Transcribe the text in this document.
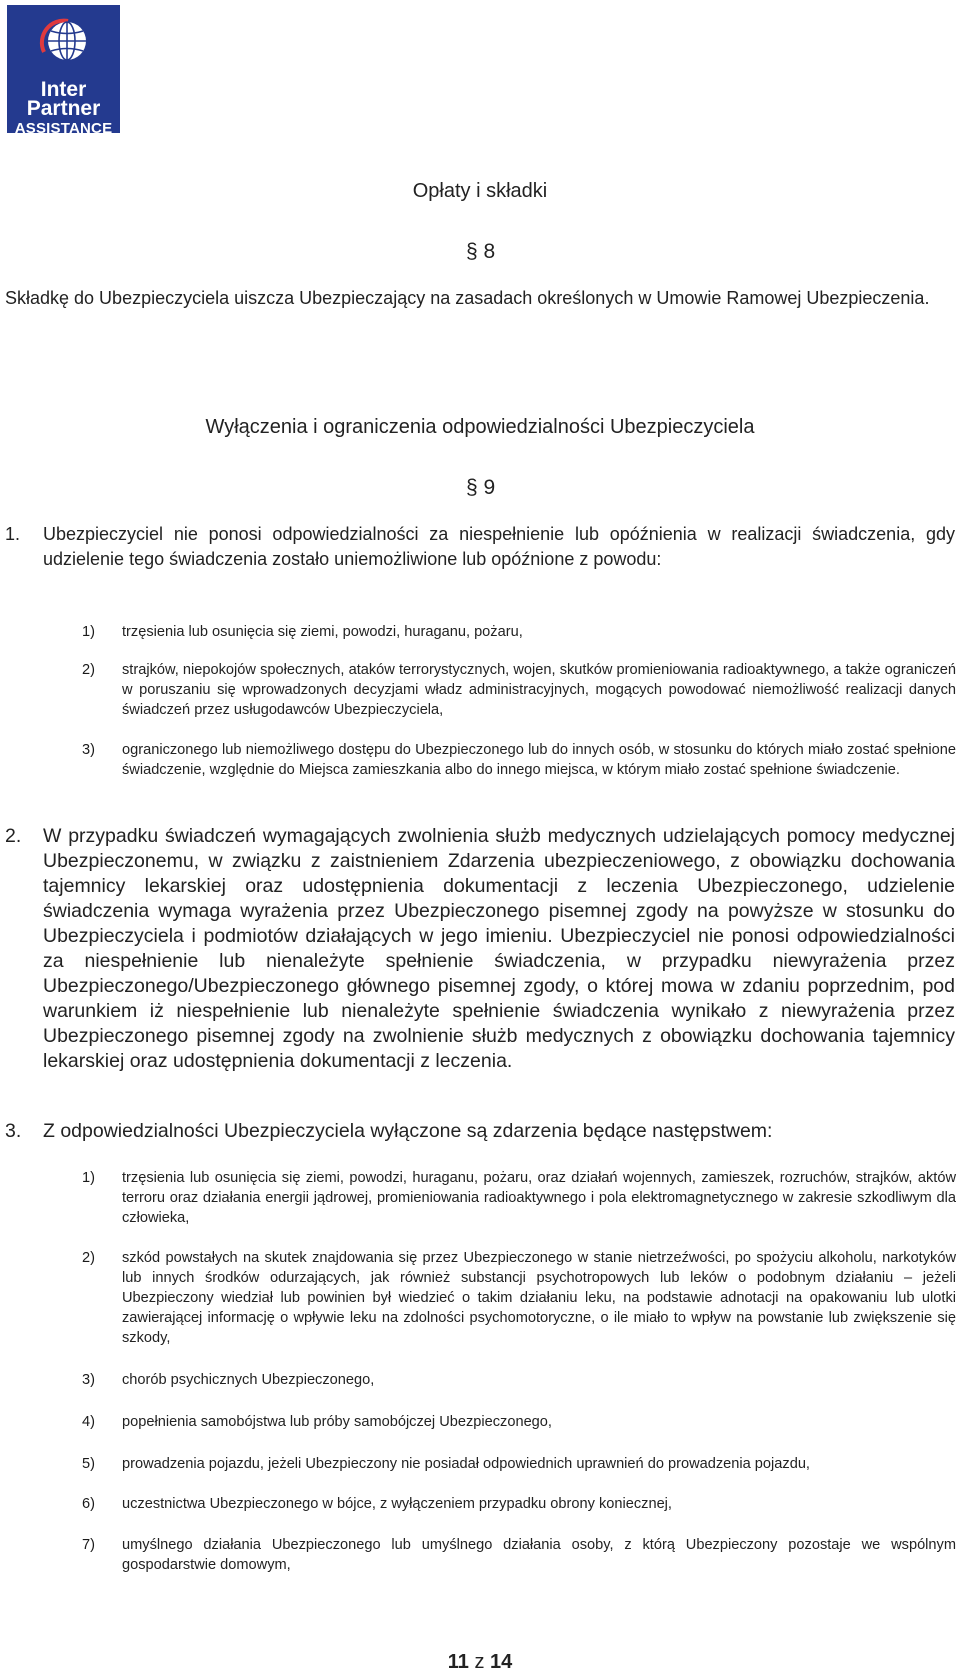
Inter
Partner
ASSISTANCE
Opłaty i składki
§ 8
Składkę do Ubezpieczyciela uiszcza Ubezpieczający na zasadach określonych w Umowie Ramowej Ubezpieczenia.
Wyłączenia i ograniczenia odpowiedzialności Ubezpieczyciela
§ 9
1. Ubezpieczyciel nie ponosi odpowiedzialności za niespełnienie lub opóźnienia w realizacji świadczenia, gdy udzielenie tego świadczenia zostało uniemożliwione lub opóźnione z powodu:
1) trzęsienia lub osunięcia się ziemi, powodzi, huraganu, pożaru,
2) strajków, niepokojów społecznych, ataków terrorystycznych, wojen, skutków promieniowania radioaktywnego, a także ograniczeń w poruszaniu się wprowadzonych decyzjami władz administracyjnych, mogących powodować niemożliwość realizacji danych świadczeń przez usługodawców Ubezpieczyciela,
3) ograniczonego lub niemożliwego dostępu do Ubezpieczonego lub do innych osób, w stosunku do których miało zostać spełnione świadczenie, względnie do Miejsca zamieszkania albo do innego miejsca, w którym miało zostać spełnione świadczenie.
2. W przypadku świadczeń wymagających zwolnienia służb medycznych udzielających pomocy medycznej Ubezpieczonemu, w związku z zaistnieniem Zdarzenia ubezpieczeniowego, z obowiązku dochowania tajemnicy lekarskiej oraz udostępnienia dokumentacji z leczenia Ubezpieczonego, udzielenie świadczenia wymaga wyrażenia przez Ubezpieczonego pisemnej zgody na powyższe w stosunku do Ubezpieczyciela i podmiotów działających w jego imieniu. Ubezpieczyciel nie ponosi odpowiedzialności za niespełnienie lub nienależyte spełnienie świadczenia, w przypadku niewyrażenia przez Ubezpieczonego/Ubezpieczonego głównego pisemnej zgody, o której mowa w zdaniu poprzednim, pod warunkiem iż niespełnienie lub nienależyte spełnienie świadczenia wynikało z niewyrażenia przez Ubezpieczonego pisemnej zgody na zwolnienie służb medycznych z obowiązku dochowania tajemnicy lekarskiej oraz udostępnienia dokumentacji z leczenia.
3. Z odpowiedzialności Ubezpieczyciela wyłączone są zdarzenia będące następstwem:
1) trzęsienia lub osunięcia się ziemi, powodzi, huraganu, pożaru, oraz działań wojennych, zamieszek, rozruchów, strajków, aktów terroru oraz działania energii jądrowej, promieniowania radioaktywnego i pola elektromagnetycznego w zakresie szkodliwym dla człowieka,
2) szkód powstałych na skutek znajdowania się przez Ubezpieczonego w stanie nietrzeźwości, po spożyciu alkoholu, narkotyków lub innych środków odurzających, jak również substancji psychotropowych lub leków o podobnym działaniu – jeżeli Ubezpieczony wiedział lub powinien był wiedzieć o takim działaniu leku, na podstawie adnotacji na opakowaniu lub ulotki zawierającej informację o wpływie leku na zdolności psychomotoryczne, o ile miało to wpływ na powstanie lub zwiększenie się szkody,
3) chorób psychicznych Ubezpieczonego,
4) popełnienia samobójstwa lub próby samobójczej Ubezpieczonego,
5) prowadzenia pojazdu, jeżeli Ubezpieczony nie posiadał odpowiednich uprawnień do prowadzenia pojazdu,
6) uczestnictwa Ubezpieczonego w bójce, z wyłączeniem przypadku obrony koniecznej,
7) umyślnego działania Ubezpieczonego lub umyślnego działania osoby, z którą Ubezpieczony pozostaje we wspólnym gospodarstwie domowym,
11 z 14
